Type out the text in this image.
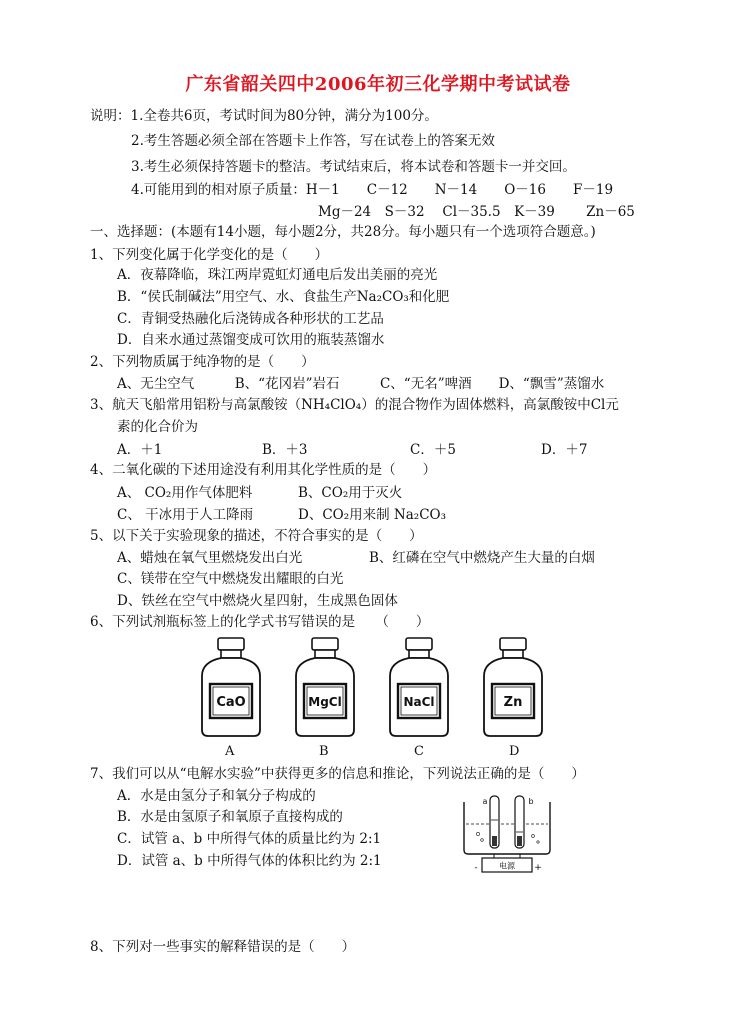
广东省韶关四中2006年初三化学期中考试试卷
说明：1.全卷共6页，考试时间为80分钟，满分为100分。
2.考生答题必须全部在答题卡上作答，写在试卷上的答案无效
3.考生必须保持答题卡的整洁。考试结束后，将本试卷和答题卡一并交回。
4.可能用到的相对原子质量：H－1　　C－12　　N－14　　O－16　　F－19
Mg－24　S－32　 Cl－35.5　K－39　　 Zn－65
一、选择题：(本题有14小题，每小题2分，共28分。每小题只有一个选项符合题意。)
1、下列变化属于化学变化的是（　　）
A．夜幕降临，珠江两岸霓虹灯通电后发出美丽的亮光
B．“侯氏制碱法”用空气、水、食盐生产Na₂CO₃和化肥
C．青铜受热融化后浇铸成各种形状的工艺品
D．自来水通过蒸馏变成可饮用的瓶装蒸馏水
2、下列物质属于纯净物的是（　　）
A、无尘空气　　　B、“花冈岩”岩石　　　C、“无名”啤酒　　D、“飘雪”蒸馏水
3、航天飞船常用铝粉与高氯酸铵（NH₄ClO₄）的混合物作为固体燃料，高氯酸铵中Cl元
素的化合价为
A．＋1	B．＋3	C．＋5	D．＋7
4、二氧化碳的下述用途没有利用其化学性质的是（　　）
A、 CO₂用作气体肥料	B、CO₂用于灭火
C、 干冰用于人工降雨	D、CO₂用来制 Na₂CO₃
5、以下关于实验现象的描述，不符合事实的是（　　）
A、蜡烛在氧气里燃烧发出白光	B、红磷在空气中燃烧产生大量的白烟
C、镁带在空气中燃烧发出耀眼的白光
D、铁丝在空气中燃烧火星四射，生成黑色固体
6、下列试剂瓶标签上的化学式书写错误的是　　（　　）
CaO	MgCl	NaCl	Zn
A	B	C	D
7、我们可以从“电解水实验”中获得更多的信息和推论，下列说法正确的是（　　）
A．水是由氢分子和氧分子构成的
B．水是由氢原子和氧原子直接构成的
C．试管 a、b 中所得气体的质量比约为 2:1
D．试管 a、b 中所得气体的体积比约为 2:1	电源
-	+
a	b
8、下列对一些事实的解释错误的是（　　）
